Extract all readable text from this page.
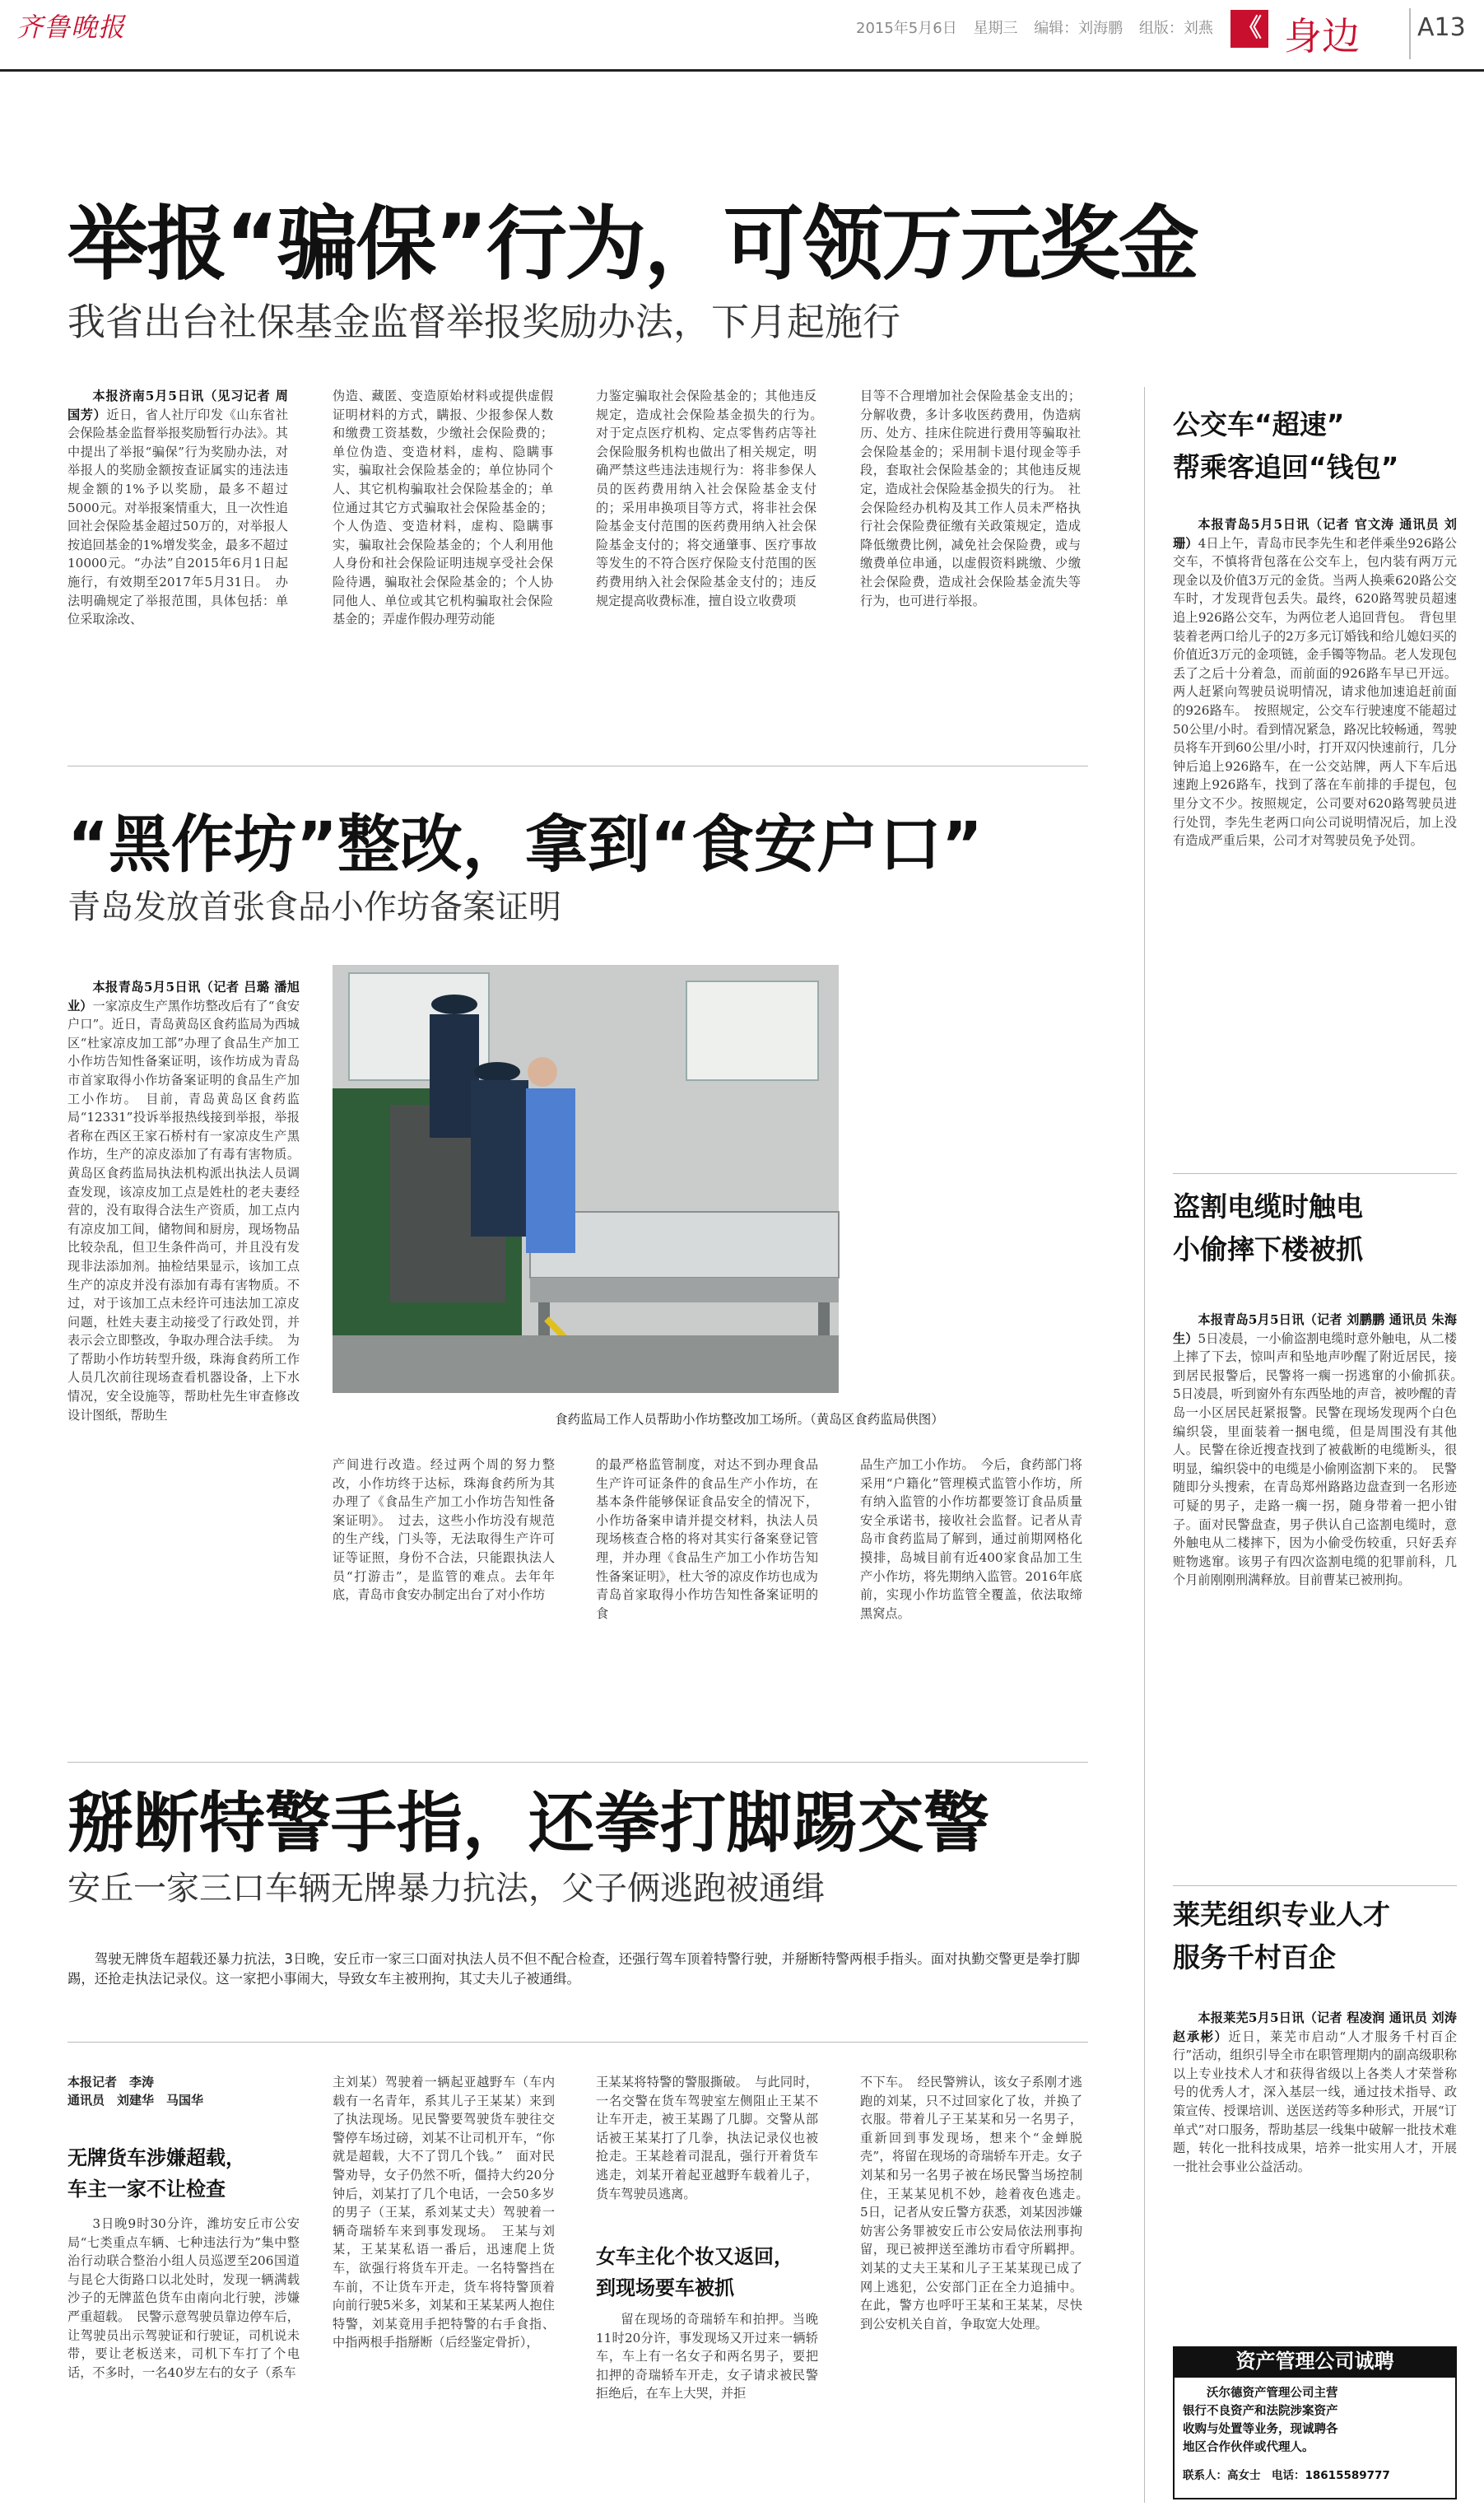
齐鲁晚报	2015年5月6日 星期三 编辑：刘海鹏 组版：刘燕 《 身边 A13
举报“骗保”行为，可领万元奖金
我省出台社保基金监督举报奖励办法，下月起施行

本报济南5月5日讯（见习记者 周国芳）近日，省人社厅印发《山东省社会保险基金监督举报奖励暂行办法》。其中提出了举报“骗保”行为奖励办法，对举报人的奖励金额按查证属实的违法违规金额的1%予以奖励，最多不超过5000元。对举报案情重大，且一次性追回社会保险基金超过50万的，对举报人按追回基金的1%增发奖金，最多不超过10000元。“办法”自2015年6月1日起施行，有效期至2017年5月31日。　办法明确规定了举报范围，具体包括：单位采取涂改、

伪造、藏匿、变造原始材料或提供虚假证明材料的方式，瞒报、少报参保人数和缴费工资基数，少缴社会保险费的；单位伪造、变造材料，虚构、隐瞒事实，骗取社会保险基金的；单位协同个人、其它机构骗取社会保险基金的；单位通过其它方式骗取社会保险基金的；个人伪造、变造材料，虚构、隐瞒事实，骗取社会保险基金的；个人利用他人身份和社会保险证明违规享受社会保险待遇，骗取社会保险基金的；个人协同他人、单位或其它机构骗取社会保险基金的；弄虚作假办理劳动能

力鉴定骗取社会保险基金的；其他违反规定，造成社会保险基金损失的行为。　对于定点医疗机构、定点零售药店等社会保险服务机构也做出了相关规定，明确严禁这些违法违规行为：将非参保人员的医药费用纳入社会保险基金支付的；采用串换项目等方式，将非社会保险基金支付范围的医药费用纳入社会保险基金支付的；将交通肇事、医疗事故等发生的不符合医疗保险支付范围的医药费用纳入社会保险基金支付的；违反规定提高收费标准，擅自设立收费项

目等不合理增加社会保险基金支出的；分解收费，多计多收医药费用，伪造病历、处方、挂床住院进行费用等骗取社会保险基金的；采用制卡退付现金等手段，套取社会保险基金的；其他违反规定，造成社会保险基金损失的行为。　社会保险经办机构及其工作人员未严格执行社会保险费征缴有关政策规定，造成降低缴费比例，减免社会保险费，或与缴费单位串通，以虚假资料跳缴、少缴社会保险费，造成社会保险基金流失等行为，也可进行举报。

“黑作坊”整改，拿到“食安户口”
青岛发放首张食品小作坊备案证明

本报青岛5月5日讯（记者 吕璐 潘旭业）一家凉皮生产黑作坊整改后有了“食安户口”。近日，青岛黄岛区食药监局为西城区“杜家凉皮加工部”办理了食品生产加工小作坊告知性备案证明，该作坊成为青岛市首家取得小作坊备案证明的食品生产加工小作坊。　目前，青岛黄岛区食药监局“12331”投诉举报热线接到举报，举报者称在西区王家石桥村有一家凉皮生产黑作坊，生产的凉皮添加了有毒有害物质。黄岛区食药监局执法机构派出执法人员调查发现，该凉皮加工点是姓杜的老夫妻经营的，没有取得合法生产资质，加工点内有凉皮加工间，储物间和厨房，现场物品比较杂乱，但卫生条件尚可，并且没有发现非法添加剂。抽检结果显示，该加工点生产的凉皮并没有添加有毒有害物质。不过，对于该加工点未经许可违法加工凉皮问题，杜姓夫妻主动接受了行政处罚，并表示会立即整改，争取办理合法手续。　为了帮助小作坊转型升级，珠海食药所工作人员几次前往现场查看机器设备，上下水情况，安全设施等，帮助杜先生审查修改设计图纸，帮助生	食药监局工作人员帮助小作坊整改加工场所。（黄岛区食药监局供图）

产间进行改造。经过两个周的努力整改，小作坊终于达标，珠海食药所为其办理了《食品生产加工小作坊告知性备案证明》。　过去，这些小作坊没有规范的生产线，门头等，无法取得生产许可证等证照，身份不合法，只能跟执法人员“打游击”，是监管的难点。去年年底，青岛市食安办制定出台了对小作坊

的最严格监管制度，对达不到办理食品生产许可证条件的食品生产小作坊，在基本条件能够保证食品安全的情况下，小作坊备案申请并提交材料，执法人员现场核查合格的将对其实行备案登记管理，并办理《食品生产加工小作坊告知性备案证明》，杜大爷的凉皮作坊也成为青岛首家取得小作坊告知性备案证明的食

品生产加工小作坊。　今后，食药部门将采用“户籍化”管理模式监管小作坊，所有纳入监管的小作坊都要签订食品质量安全承诺书，接收社会监督。记者从青岛市食药监局了解到，通过前期网格化摸排，岛城目前有近400家食品加工生产小作坊，将先期纳入监管。2016年底前，实现小作坊监管全覆盖，依法取缔黑窝点。

掰断特警手指，还拳打脚踢交警
安丘一家三口车辆无牌暴力抗法，父子俩逃跑被通缉
驾驶无牌货车超载还暴力抗法，3日晚，安丘市一家三口面对执法人员不但不配合检查，还强行驾车顶着特警行驶，并掰断特警两根手指头。面对执勤交警更是拳打脚踢，还抢走执法记录仪。这一家把小事闹大，导致女车主被刑拘，其丈夫儿子被通缉。
本报记者　李涛
通讯员　刘建华　马国华
无牌货车涉嫌超载，
车主一家不让检查

3日晚9时30分许，潍坊安丘市公安局“七类重点车辆、七种违法行为”集中整治行动联合整治小组人员巡逻至206国道与昆仑大街路口以北处时，发现一辆满载沙子的无牌蓝色货车由南向北行驶，涉嫌严重超载。　民警示意驾驶员靠边停车后，让驾驶员出示驾驶证和行驶证，司机说未带，要让老板送来，司机下车打了个电话，不多时，一名40岁左右的女子（系车

主刘某）驾驶着一辆起亚越野车（车内载有一名青年，系其儿子王某某）来到了执法现场。见民警要驾驶货车驶往交警停车场过磅，刘某不让司机开车，“你就是超载，大不了罚几个钱。”　面对民警劝导，女子仍然不听，僵持大约20分钟后，刘某打了几个电话，一会50多岁的男子（王某，系刘某丈夫）驾驶着一辆奇瑞轿车来到事发现场。　王某与刘某，王某某私语一番后，迅速爬上货车，欲强行将货车开走。一名特警挡在车前，不让货车开走，货车将特警顶着向前行驶5米多，刘某和王某某两人抱住特警，刘某竟用手把特警的右手食指、中指两根手指掰断（后经鉴定骨折），

王某某将特警的警服撕破。　与此同时，一名交警在货车驾驶室左侧阻止王某不让车开走，被王某踢了几脚。交警从部话被王某某打了几拳，执法记录仪也被抢走。王某趁着司混乱，强行开着货车逃走，刘某开着起亚越野车载着儿子，货车驾驶员逃离。

女车主化个妆又返回，
到现场要车被抓

留在现场的奇瑞轿车和拍押。当晚11时20分许，事发现场又开过来一辆轿车，车上有一名女子和两名男子，要把扣押的奇瑞轿车开走，女子请求被民警拒绝后，在车上大哭，并拒

不下车。　经民警辨认，该女子系刚才逃跑的刘某，只不过回家化了妆，并换了衣服。带着儿子王某某和另一名男子，重新回到事发现场，想来个“金蝉脱壳”，将留在现场的奇瑞轿车开走。女子刘某和另一名男子被在场民警当场控制住，王某某见机不妙，趁着夜色逃走。　5日，记者从安丘警方获悉，刘某因涉嫌妨害公务罪被安丘市公安局依法刑事拘留，现已被押送至潍坊市看守所羁押。刘某的丈夫王某和儿子王某某现已成了网上逃犯，公安部门正在全力追捕中。在此，警方也呼吁王某和王某某，尽快到公安机关自首，争取宽大处理。

公交车“超速”
帮乘客追回“钱包”

本报青岛5月5日讯（记者 官文涛 通讯员 刘珊）4日上午，青岛市民李先生和老伴乘坐926路公交车，不慎将背包落在公交车上，包内装有两万元现金以及价值3万元的金货。当两人换乘620路公交车时，才发现背包丢失。最终，620路驾驶员超速追上926路公交车，为两位老人追回背包。　背包里装着老两口给儿子的2万多元订婚钱和给儿媳妇买的价值近3万元的金项链，金手镯等物品。老人发现包丢了之后十分着急，而前面的926路车早已开远。两人赶紧向驾驶员说明情况，请求他加速追赶前面的926路车。　按照规定，公交车行驶速度不能超过50公里/小时。看到情况紧急，路况比较畅通，驾驶员将车开到60公里/小时，打开双闪快速前行，几分钟后追上926路车，在一公交站牌，两人下车后迅速跑上926路车，找到了落在车前排的手提包，包里分文不少。按照规定，公司要对620路驾驶员进行处罚，李先生老两口向公司说明情况后，加上没有造成严重后果，公司才对驾驶员免予处罚。

盗割电缆时触电
小偷摔下楼被抓

本报青岛5月5日讯（记者 刘鹏鹏 通讯员 朱海生）5日凌晨，一小偷盗割电缆时意外触电，从二楼上摔了下去，惊叫声和坠地声吵醒了附近居民，接到居民报警后，民警将一瘸一拐逃窜的小偷抓获。　5日凌晨，听到窗外有东西坠地的声音，被吵醒的青岛一小区居民赶紧报警。民警在现场发现两个白色编织袋，里面装着一捆电缆，但是周围没有其他人。民警在徐近搜查找到了被截断的电缆断头，很明显，编织袋中的电缆是小偷刚盗割下来的。　民警随即分头搜索，在青岛郑州路路边盘查到一名形迹可疑的男子，走路一瘸一拐，随身带着一把小钳子。面对民警盘查，男子供认自己盗割电缆时，意外触电从二楼摔下，因为小偷受伤较重，只好丢弃赃物逃窜。该男子有四次盗割电缆的犯罪前科，几个月前刚刚刑满释放。目前曹某已被刑拘。

莱芜组织专业人才
服务千村百企

本报莱芜5月5日讯（记者 程凌润 通讯员 刘涛 赵承彬）近日，莱芜市启动“人才服务千村百企行”活动，组织引导全市在职管理期内的副高级职称以上专业技术人才和获得省级以上各类人才荣誉称号的优秀人才，深入基层一线，通过技术指导、政策宣传、授课培训、送医送药等多种形式，开展“订单式”对口服务，帮助基层一线集中破解一批技术难题，转化一批科技成果，培养一批实用人才，开展一批社会事业公益活动。

资产管理公司诚聘
沃尔德资产管理公司主营
银行不良资产和法院涉案资产
收购与处置等业务，现诚聘各
地区合作伙伴或代理人。
联系人：高女士　电话：18615589777
